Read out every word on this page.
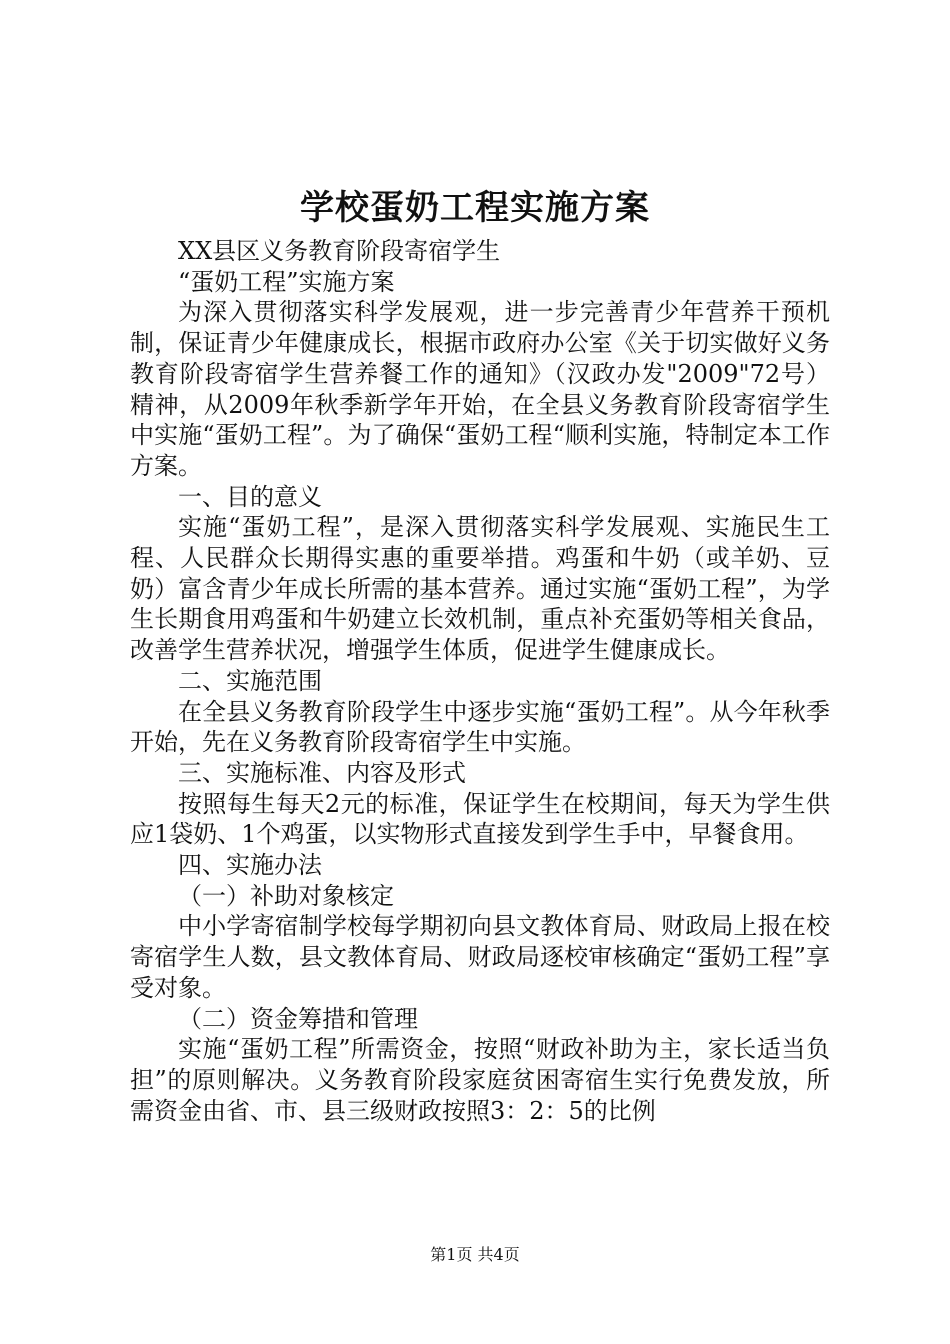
学校蛋奶工程实施方案

XX县区义务教育阶段寄宿学生

“蛋奶工程”实施方案

为深入贯彻落实科学发展观，进一步完善青少年营养干预机制，保证青少年健康成长，根据市政府办公室《关于切实做好义务教育阶段寄宿学生营养餐工作的通知》（汉政办发"2009"72号）精神，从2009年秋季新学年开始，在全县义务教育阶段寄宿学生中实施“蛋奶工程”。为了确保“蛋奶工程“顺利实施，特制定本工作方案。

一、目的意义

实施“蛋奶工程”，是深入贯彻落实科学发展观、实施民生工程、人民群众长期得实惠的重要举措。鸡蛋和牛奶（或羊奶、豆奶）富含青少年成长所需的基本营养。通过实施“蛋奶工程”，为学生长期食用鸡蛋和牛奶建立长效机制，重点补充蛋奶等相关食品，改善学生营养状况，增强学生体质，促进学生健康成长。

二、实施范围

在全县义务教育阶段学生中逐步实施“蛋奶工程”。从今年秋季开始，先在义务教育阶段寄宿学生中实施。

三、实施标准、内容及形式

按照每生每天2元的标准，保证学生在校期间，每天为学生供应1袋奶、1个鸡蛋，以实物形式直接发到学生手中，早餐食用。

四、实施办法

（一）补助对象核定

中小学寄宿制学校每学期初向县文教体育局、财政局上报在校寄宿学生人数，县文教体育局、财政局逐校审核确定“蛋奶工程”享受对象。

（二）资金筹措和管理

实施“蛋奶工程”所需资金，按照“财政补助为主，家长适当负担”的原则解决。义务教育阶段家庭贫困寄宿生实行免费发放，所需资金由省、市、县三级财政按照3：2：5的比例

第1页 共4页
